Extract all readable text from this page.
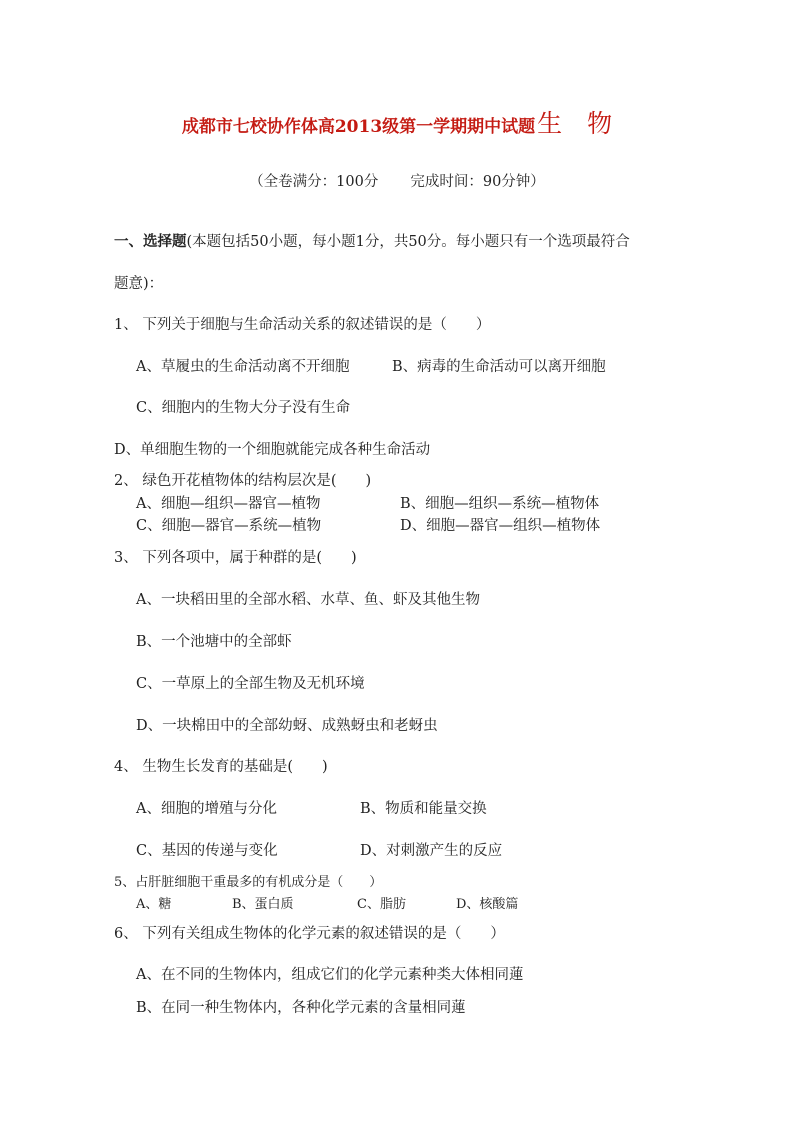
成都市七校协作体高2013级第一学期期中试题生　物
（全卷满分：100分 完成时间：90分钟）
一、选择题(本题包括50小题，每小题1分，共50分。每小题只有一个选项最符合
题意)：
1、 下列关于细胞与生命活动关系的叙述错误的是（　　）
A、草履虫的生命活动离不开细胞	B、病毒的生命活动可以离开细胞
C、细胞内的生物大分子没有生命
D、单细胞生物的一个细胞就能完成各种生命活动
2、 绿色开花植物体的结构层次是(　　)
A、细胞—组织—器官—植物	B、细胞—组织—系统—植物体
C、细胞—器官—系统—植物	D、细胞—器官—组织—植物体
3、 下列各项中，属于种群的是(　　)
A、一块稻田里的全部水稻、水草、鱼、虾及其他生物
B、一个池塘中的全部虾
C、一草原上的全部生物及无机环境
D、一块棉田中的全部幼蚜、成熟蚜虫和老蚜虫
4、 生物生长发育的基础是(　　)
A、细胞的增殖与分化	B、物质和能量交换
C、基因的传递与变化	D、对刺激产生的反应
5、占肝脏细胞干重最多的有机成分是（　　）
A、糖	B、蛋白质	C、脂肪	D、核酸篇
6、 下列有关组成生物体的化学元素的叙述错误的是（　　）
A、在不同的生物体内，组成它们的化学元素种类大体相同蓮
B、在同一种生物体内，各种化学元素的含量相同蓮
